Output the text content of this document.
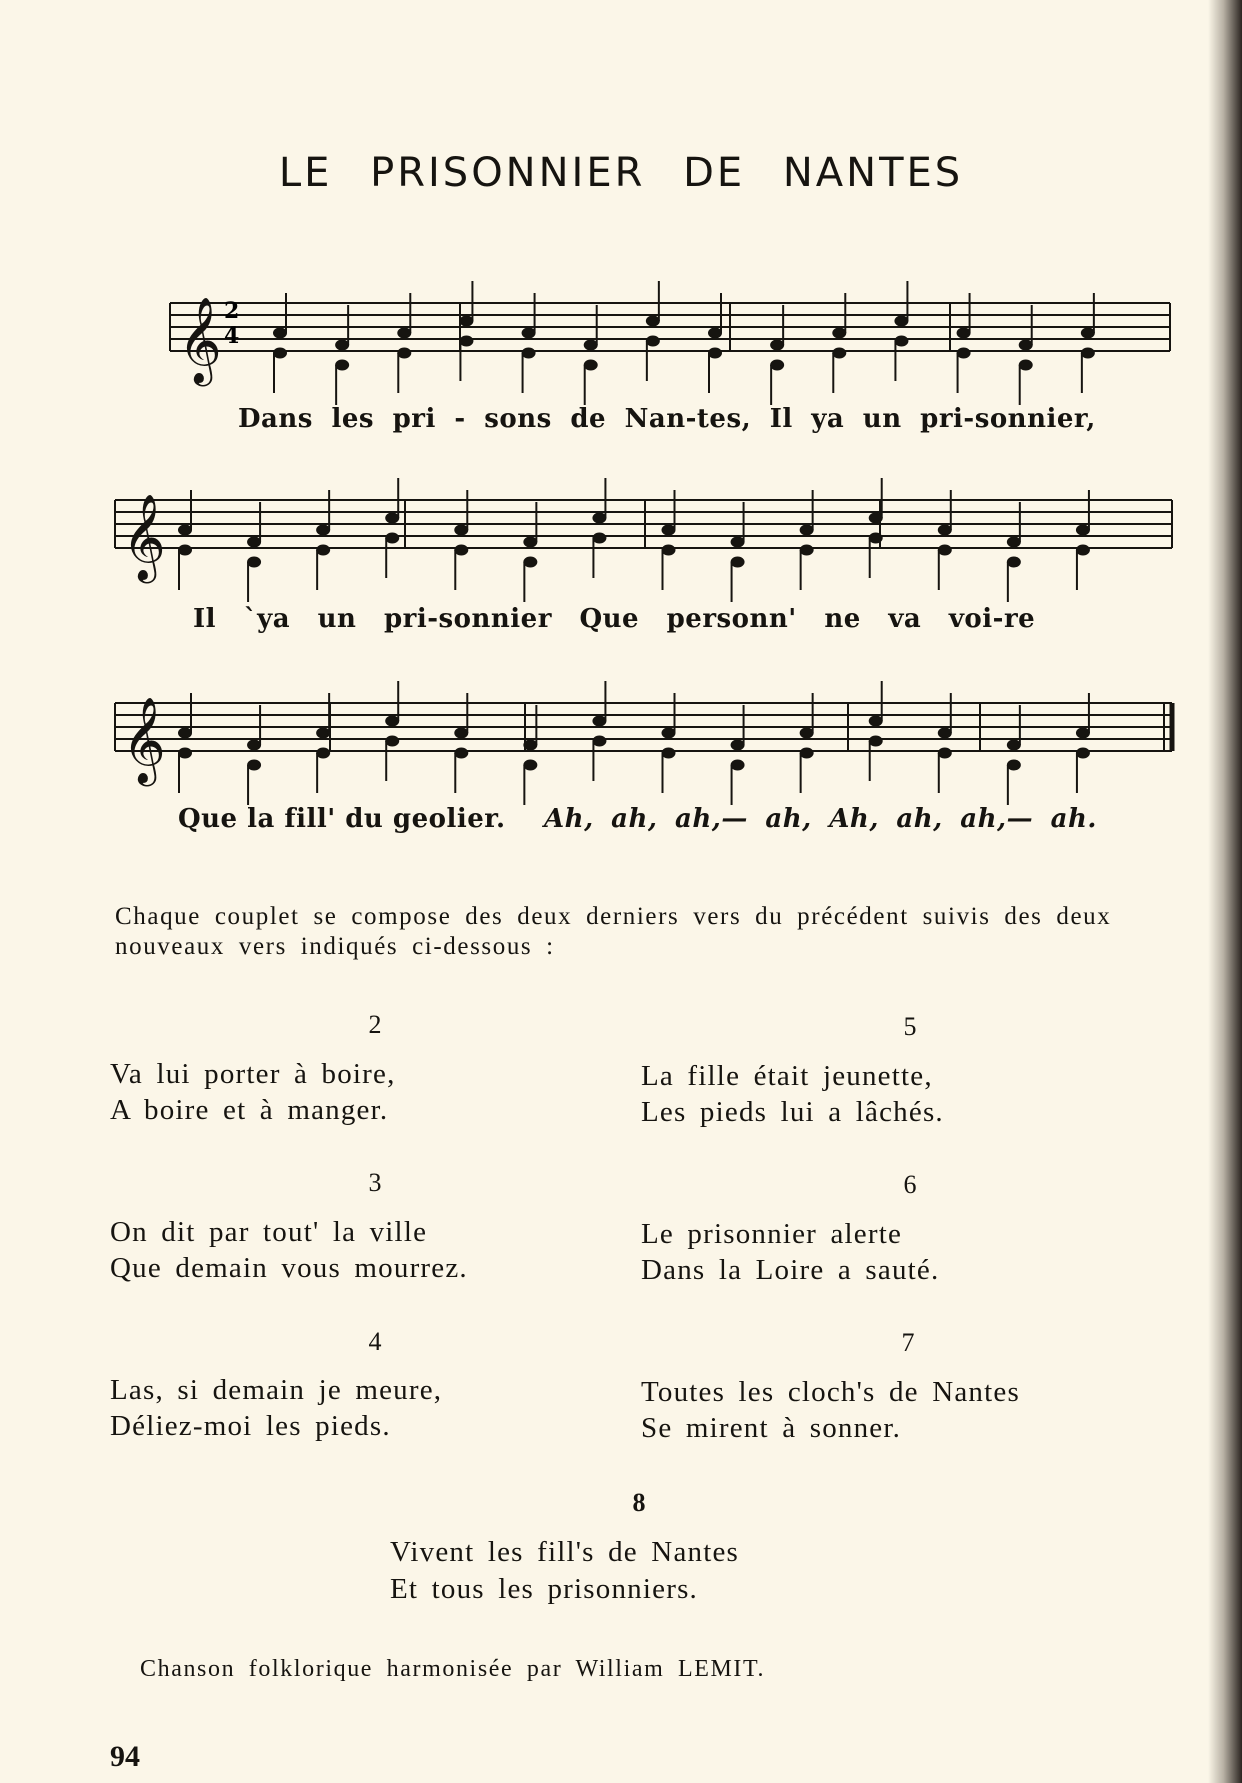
LE PRISONNIER DE NANTES
𝄞
𝄞
𝄞
2
4
Dans les pri - sons de Nan-tes, Il ya un pri-sonnier,
Il `ya un pri-sonnier Que personn' ne va voi-re
Que la fill' du geolier. Ah, ah, ah,— ah, Ah, ah, ah,— ah.
Chaque couplet se compose des deux derniers vers du précédent suivis des deux nouveaux vers indiqués ci-dessous :
2
Va lui porter à boire,
A boire et à manger.
3
On dit par tout' la ville
Que demain vous mourrez.
4
Las, si demain je meure,
Déliez-moi les pieds.
5
La fille était jeunette,
Les pieds lui a lâchés.
6
Le prisonnier alerte
Dans la Loire a sauté.
7
Toutes les cloch's de Nantes
Se mirent à sonner.
8
Vivent les fill's de Nantes
Et tous les prisonniers.
Chanson folklorique harmonisée par William LEMIT.
94
